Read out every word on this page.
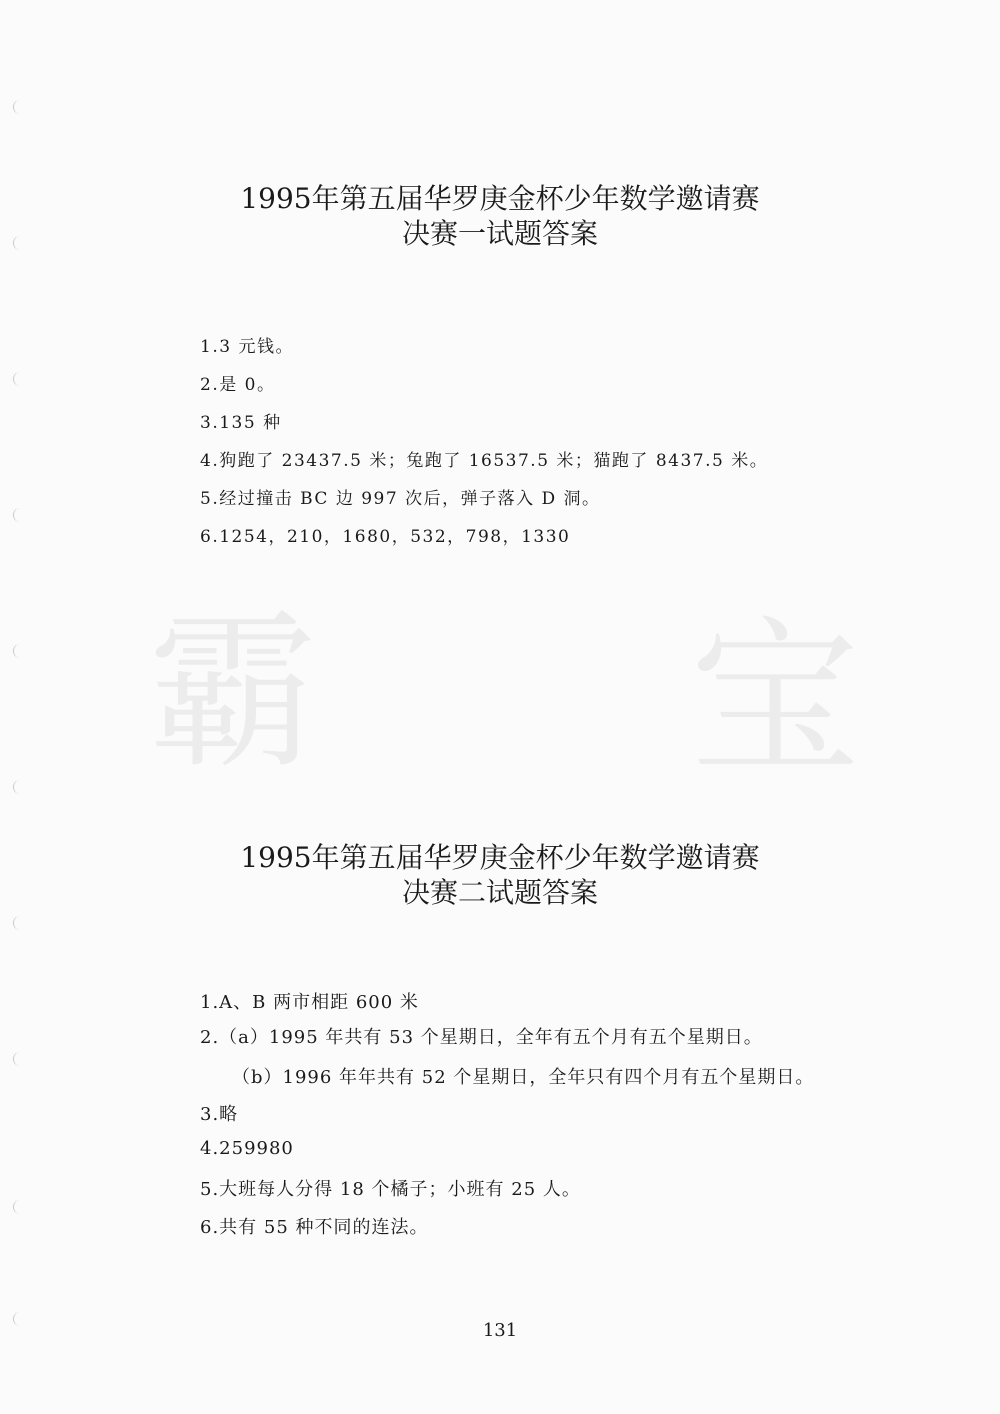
霸 宝
1995年第五届华罗庚金杯少年数学邀请赛
决赛一试题答案
1.3 元钱。
2.是 0。
3.135 种
4.狗跑了 23437.5 米；兔跑了 16537.5 米；猫跑了 8437.5 米。
5.经过撞击 BC 边 997 次后，弹子落入 D 洞。
6.1254，210，1680，532，798，1330
1995年第五届华罗庚金杯少年数学邀请赛
决赛二试题答案
1.A、B 两市相距 600 米
2.（a）1995 年共有 53 个星期日，全年有五个月有五个星期日。
（b）1996 年年共有 52 个星期日，全年只有四个月有五个星期日。
3.略
4.259980
5.大班每人分得 18 个橘子；小班有 25 人。
6.共有 55 种不同的连法。
131
